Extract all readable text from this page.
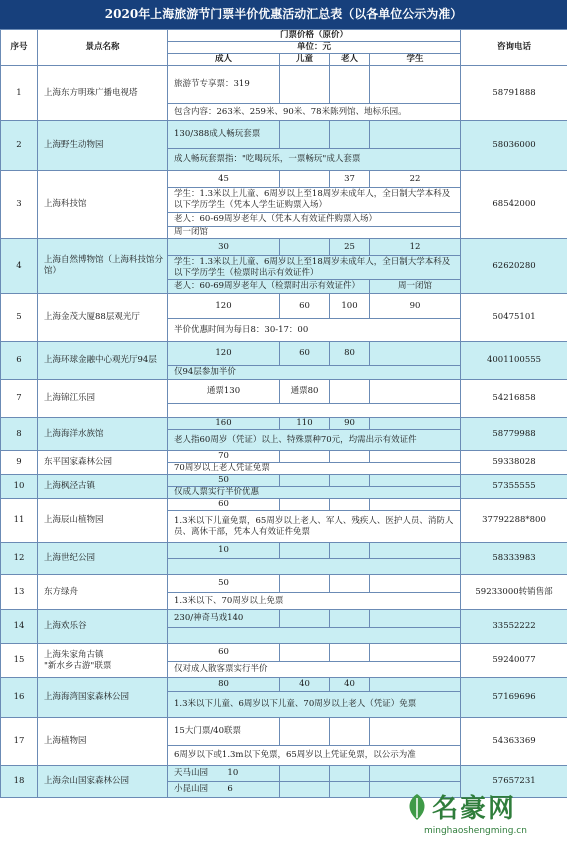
2020年上海旅游节门票半价优惠活动汇总表（以各单位公示为准）
序号	景点名称	门票价格（原价）				咨询电话
		单位：元				
		成人	儿童	老人	学生	
1	上海东方明珠广播电视塔	旅游节专享票：319				58791888
		包含内容：263米、259米、90米、78米陈列馆、地标乐园。				
2	上海野生动物园	130/388成人畅玩套票				58036000
		成人畅玩套票指："吃喝玩乐，一票畅玩"成人套票				
3	上海科技馆	45		37	22	68542000
		学生：1.3米以上儿童、6周岁以上至18周岁未成年人，全日制大学本科及以下学历学生（凭本人学生证购票入场）				
		老人：60-69周岁老年人（凭本人有效证件购票入场）				
		周一闭馆				
4	上海自然博物馆（上海科技馆分馆）	30		25	12	62620280
		学生：1.3米以上儿童、6周岁以上至18周岁未成年人，全日制大学本科及以下学历学生（检票时出示有效证件）				
		老人：60-69周岁老年人（检票时出示有效证件）			周一闭馆	
5	上海金茂大厦88层观光厅	120	60	100	90	50475101
		半价优惠时间为每日8：30-17：00				
6	上海环球金融中心观光厅94层	120	60	80		4001100555
		仅94层参加半价				
7	上海锦江乐园	通票130	通票80			54216858

8	上海海洋水族馆	160	110	90		58779988
		老人指60周岁（凭证）以上、特殊票种70元，均需出示有效证件				
9	东平国家森林公园	70				59338028
		70周岁以上老人凭证免票				
10	上海枫泾古镇	50				57355555
		仅成人票实行半价优惠				
11	上海辰山植物园	60				37792288*800
		1.3米以下儿童免票，65周岁以上老人、军人、残疾人、医护人员、消防人员、离休干部，凭本人有效证件免票				
12	上海世纪公园	10				58333983

13	东方绿舟	50				59233000转销售部
		1.3米以下、70周岁以上免票				
14	上海欢乐谷	230/神奇马戏140				33552222

15	上海朱家角古镇
"新水乡古游"联票	60				59240077
		仅对成人散客票实行半价				
16	上海海湾国家森林公园	80	40	40		57169696
		1.3米以下儿童、6周岁以下儿童、70周岁以上老人（凭证）免票				
17	上海植物园	15大门票/40联票				54363369
		6周岁以下或1.3m以下免票，65周岁以上凭证免票，以公示为准				
18	上海佘山国家森林公园	天马山园 10				57657231
		小昆山园 6				
名豪网
minghaoshengming.cn
